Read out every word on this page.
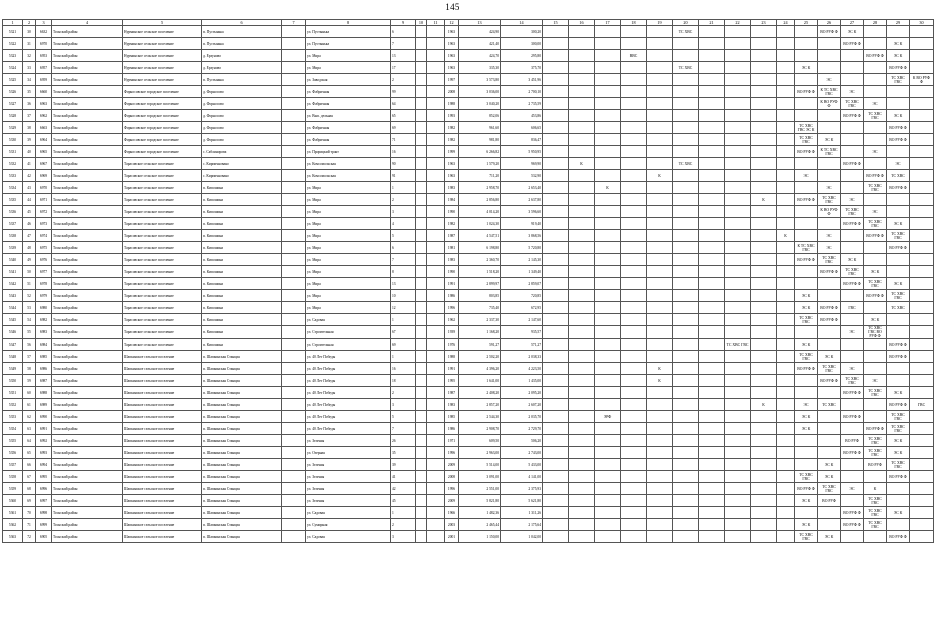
145
1	2	3	4	5	6	7	8	9	10	11	12	13	14	15	16	17	18	19	20	21	22	23	24	25	26	27	28	29	30
5321	30	6632	Тоснский район	Нурминское сельское поселение	п. Пустынька		ул. Пустынька	6			1963	424,90	300,20						ТС ХВС						ВО РУФ Ф	ЭС К			
5322	31	6970	Тоснский район	Нурминское сельское поселение	п. Пустынька		ул. Пустынька	7			1963	421,40	300,00													ВО РУФ Ф		ЭС К	
5323	32	6953	Тоснский район	Нурминское сельское поселение	д. Ерзуново		ул. Мира	13			1963	424,70	295,80				ВВС										ВО РУФ Ф	ЭС К	
5324	33	6957	Тоснский район	Нурминское сельское поселение	д. Ерзуново		ул. Мира	17			1963	335,30	375,70						ТС ХВС					ЭС К				ВО РУФ Ф	
5325	34	6959	Тоснский район	Нурминское сельское поселение	п. Пустынька		ул. Заводская	2			1997	3 573,80	3 451,96												ЭС			ТС ХВС ГВС	К ВО РУФ Ф
5326	35	6660	Тоснский район	Форносовское городское поселение	д. Форносово		ул. Фабричная	99			2008	3 036,00	2 700,10											ВО РУФ Ф	К ТС ХВС ГВС	ЭС			
5327	36	6963	Тоснский район	Форносовское городское поселение	д. Форносово		ул. Фабричная	64			1988	3 040,20	2 735,59												К ВО РУФ Ф	ТС ХВС ГВС	ЭС		
5328	37	6962	Тоснский район	Форносовское городское поселение	д. Форносово		ул. Вып. дельная	65			1993	852,06	453,86													ВО РУФ Ф	ТС ХВС ГВС	ЭС К	
5329	38	6663	Тоснский район	Форносовское городское поселение	д. Форносово		ул. Фабричная	69			1982	961,60	606,65											ТС ХВС ГВС ЭС К				ВО РУФ Ф	
5330	39	6964	Тоснский район	Форносовское городское поселение	д. Форносово		ул. Фабричная	71			1982	981,80	836,47											ТС ХВС ГВС	ЭС К			ВО РУФ Ф	
5331	40	6965	Тоснский район	Форносовское городское поселение	с. Саблинорова		ул. Прорицкий тракт	16			1999	6 266,82	5 950,95											ВО РУФ Ф	К ТС ХВС ГВС		ЭС		
5332	41	6967	Тоснский район	Тарасовское сельское поселение	с. Кирпичновано		ул. Комсомольская	90			1963	1 579,20	969,90		К				ТС ХВС							ВО РУФ Ф		ЭС	
5333	42	6969	Тоснский район	Тарасовское сельское поселение	с. Кирпичновано		ул. Комсомольская	91			1963	711,20	532,90					К						ЭС			ВО РУФ Ф	ТС ХВС	
5334	43	6970	Тоснский район	Тарасовское сельское поселение	п. Кипошина		ул. Мира	1			1983	2 958,70	2 653,40			К									ЭС		ТС ХВС ГВС	ВО РУФ Ф	
5335	44	6971	Тоснский район	Тарасовское сельское поселение	п. Кипошина		ул. Мира	2			1984	2 856,80	2 637,80									К		ВО РУФ Ф	ТС ХВС ГВС	ЭС			
5336	45	6972	Тоснский район	Тарасовское сельское поселение	п. Кипошина		ул. Мира	3			1990	4 014,20	3 596,60												К ВО РУФ Ф	ТС ХВС ГВС	ЭС		
5337	46	6973	Тоснский район	Тарасовское сельское поселение	п. Кипошина		ул. Мира	4			1982	1 024,30	919,40													ВО РУФ Ф	ТС ХВС ГВС	ЭС К	
5338	47	6974	Тоснский район	Тарасовское сельское поселение	п. Кипошина		ул. Мира	5			1987	4 547,51	3 868,56										К		ЭС		ВО РУФ Ф	ТС ХВС ГВС	
5339	48	6975	Тоснский район	Тарасовское сельское поселение	п. Кипошина		ул. Мира	6			1981	6 198,80	5 720,80											К ТС ХВС ГВС	ЭС			ВО РУФ Ф	
5340	49	6976	Тоснский район	Тарасовское сельское поселение	п. Кипошина		ул. Мира	7			1983	2 360,70	2 145,30											ВО РУФ Ф	ТС ХВС ГВС	ЭС К			
5341	50	6977	Тоснский район	Тарасовское сельское поселение	п. Кипошина		ул. Мира	8			1990	1 518,20	1 349,40												ВО РУФ Ф	ТС ХВС ГВС	ЭС К		
5342	51	6978	Тоснский район	Тарасовское сельское поселение	п. Кипошина		ул. Мира	13			1991	2 899,97	2 859,07													ВО РУФ Ф	ТС ХВС ГВС	ЭС К	
5343	52	6979	Тоснский район	Тарасовское сельское поселение	п. Кипошина		ул. Мира	10			1986	803,85	720,85											ЭС К			ВО РУФ Ф	ТС ХВС ГВС	
5344	53	6980	Тоснский район	Тарасовское сельское поселение	п. Кипошина		ул. Мира	12			1996	735,40	672,95											ЭС К	ВО РУФ Ф	ГВС		ТС ХВС	
5345	54	6982	Тоснский район	Тарасовское сельское поселение	п. Кипошина		ул. Садовая	1			1962	2 337,30	2 147,60											ТС ХВС ГВС	ВО РУФ Ф		ЭС К		
5346	55	6983	Тоснский район	Тарасовское сельское поселение	п. Кипошина		ул. Строительная	67			1939	1 168,20	935,57													ЭС	ТС ХВС ГВС ВО РУФ Ф		
5347	56	6984	Тоснский район	Тарасовское сельское поселение	п. Кипошина		ул. Строительная	69			1976	591,27	571,27								ТС ХВС ГВС			ЭС К				ВО РУФ Ф	
5348	57	6985	Тоснский район	Шапкинское сельское поселение	п. Шапкинская Станция		ул. 40 Лет Победы	1			1988	2 502,20	2 038,33											ТС ХВС ГВС	ЭС К			ВО РУФ Ф	
5349	58	6986	Тоснский район	Шапкинское сельское поселение	п. Шапкинская Станция		ул. 40 Лет Победы	16			1991	4 396,20	4 223,50					К						ВО РУФ Ф	ТС ХВС ГВС	ЭС			
5350	59	6987	Тоснский район	Шапкинское сельское поселение	п. Шапкинская Станция		ул. 40 Лет Победы	18			1995	1 641,00	1 435,00					К							ВО РУФ Ф	ТС ХВС ГВС	ЭС		
5351	60	6988	Тоснский район	Шапкинское сельское поселение	п. Шапкинская Станция		ул. 40 Лет Победы	2			1987	2 408,20	2 095,20													ВО РУФ Ф	ТС ХВС ГВС	ЭС К	
5352	61	6989	Тоснский район	Шапкинское сельское поселение	п. Шапкинская Станция		ул. 40 Лет Победы	3			1983	2 857,20	2 607,20									К		ЭС	ТС ХВС			ВО РУФ Ф	ГВС
5353	62	6990	Тоснский район	Шапкинское сельское поселение	п. Шапкинская Станция		ул. 40 Лет Победы	5			1985	2 544,30	2 035,70			ЭРФ								ЭС К		ВО РУФ Ф		ТС ХВС ГВС	
5354	63	6991	Тоснский район	Шапкинское сельское поселение	п. Шапкинская Станция		ул. 40 Лет Победы	7			1986	2 908,70	2 729,70											ЭС К			ВО РУФ Ф	ТС ХВС ГВС	
5355	64	6992	Тоснский район	Шапкинское сельское поселение	п. Шапкинская Станция		ул. Зеленая	26			1971	609,50	506,20													ВО РУФ	ТС ХВС ГВС	ЭС К	
5356	65	6993	Тоснский район	Шапкинское сельское поселение	п. Шапкинская Станция		ул. Озерная	35			1996	2 963,00	2 743,00													ВО РУФ Ф	ТС ХВС ГВС	ЭС К	
5357	66	6994	Тоснский район	Шапкинское сельское поселение	п. Шапкинская Станция		ул. Зеленая	39			2009	5 514,00	5 433,00												ЭС К		ВО РУФ	ТС ХВС ГВС	
5358	67	6995	Тоснский район	Шапкинское сельское поселение	п. Шапкинская Станция		ул. Зеленая	41			2008	3 091,00	4 141,00											ТС ХВС ГВС	ЭС К			ВО РУФ Ф	
5359	68	6996	Тоснский район	Шапкинское сельское поселение	п. Шапкинская Станция		ул. Зеленая	42			1996	2 551,00	2 375,93											ВО РУФ Ф	ТС ХВС ГВС	ЭС	К		
5360	69	6997	Тоснский район	Шапкинское сельское поселение	п. Шапкинская Станция		ул. Зеленая	45			2009	5 821,80	5 621,80											ЭС К	ВО РУФ		ТС ХВС ГВС		
5361	70	6998	Тоснский район	Шапкинское сельское поселение	п. Шапкинская Станция		ул. Садовая	1			1966	1 482,36	1 311,26													ВО РУФ Ф	ТС ХВС ГВС	ЭС К	
5362	71	6999	Тоснский район	Шапкинское сельское поселение	п. Шапкинская Станция		ул. Сумирная	2			2003	2 465,44	2 175,64											ЭС К		ВО РУФ Ф	ТС ХВС ГВС		
5363	72	6905	Тоснский район	Шапкинское сельское поселение	п. Шапкинская Станция		ул. Садовая	3			2001	1 150,00	1 042,00											ТС ХВС ГВС	ЭС К			ВО РУФ Ф	
